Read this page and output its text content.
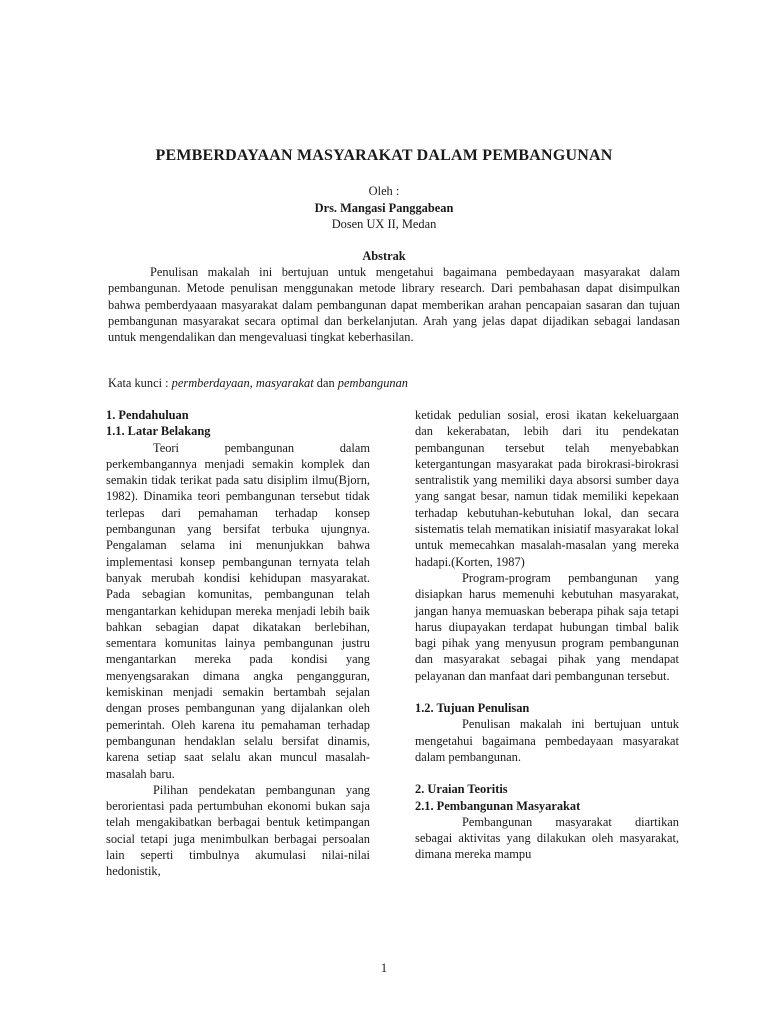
PEMBERDAYAAN MASYARAKAT DALAM PEMBANGUNAN
Oleh :
Drs. Mangasi Panggabean
Dosen UX II, Medan
Abstrak
Penulisan makalah ini bertujuan untuk mengetahui bagaimana pembedayaan masyarakat dalam pembangunan. Metode penulisan menggunakan metode library research. Dari pembahasan dapat disimpulkan bahwa pemberdyaaan masyarakat dalam pembangunan dapat memberikan arahan pencapaian sasaran dan tujuan pembangunan masyarakat secara optimal dan berkelanjutan. Arah yang jelas dapat dijadikan sebagai landasan untuk mengendalikan dan mengevaluasi tingkat keberhasilan.
Kata kunci : permberdayaan, masyarakat dan pembangunan
1. Pendahuluan
1.1. Latar Belakang

Teori pembangunan dalam perkembangannya menjadi semakin komplek dan semakin tidak terikat pada satu disiplim ilmu(Bjorn, 1982). Dinamika teori pembangunan tersebut tidak terlepas dari pemahaman terhadap konsep pembangunan yang bersifat terbuka ujungnya. Pengalaman selama ini menunjukkan bahwa implementasi konsep pembangunan ternyata telah banyak merubah kondisi kehidupan masyarakat. Pada sebagian komunitas, pembangunan telah mengantarkan kehidupan mereka menjadi lebih baik bahkan sebagian dapat dikatakan berlebihan, sementara komunitas lainya pembangunan justru mengantarkan mereka pada kondisi yang menyengsarakan dimana angka pengangguran, kemiskinan menjadi semakin bertambah sejalan dengan proses pembangunan yang dijalankan oleh pemerintah. Oleh karena itu pemahaman terhadap pembangunan hendaklan selalu bersifat dinamis, karena setiap saat selalu akan muncul masalah-masalah baru.

Pilihan pendekatan pembangunan yang berorientasi pada pertumbuhan ekonomi bukan saja telah mengakibatkan berbagai bentuk ketimpangan social tetapi juga menimbulkan berbagai persoalan lain seperti timbulnya akumulasi nilai-nilai hedonistik,

ketidak pedulian sosial, erosi ikatan kekeluargaan dan kekerabatan, lebih dari itu pendekatan pembangunan tersebut telah menyebabkan ketergantungan masyarakat pada birokrasi-birokrasi sentralistik yang memiliki daya absorsi sumber daya yang sangat besar, namun tidak memiliki kepekaan terhadap kebutuhan-kebutuhan lokal, dan secara sistematis telah mematikan inisiatif masyarakat lokal untuk memecahkan masalah-masalan yang mereka hadapi.(Korten, 1987)

Program-program pembangunan yang disiapkan harus memenuhi kebutuhan masyarakat, jangan hanya memuaskan beberapa pihak saja tetapi harus diupayakan terdapat hubungan timbal balik bagi pihak yang menyusun program pembangunan dan masyarakat sebagai pihak yang mendapat pelayanan dan manfaat dari pembangunan tersebut.

1.2. Tujuan Penulisan

Penulisan makalah ini bertujuan untuk mengetahui bagaimana pembedayaan masyarakat dalam pembangunan.

2. Uraian Teoritis
2.1. Pembangunan Masyarakat

Pembangunan masyarakat diartikan sebagai aktivitas yang dilakukan oleh masyarakat, dimana mereka mampu

1
